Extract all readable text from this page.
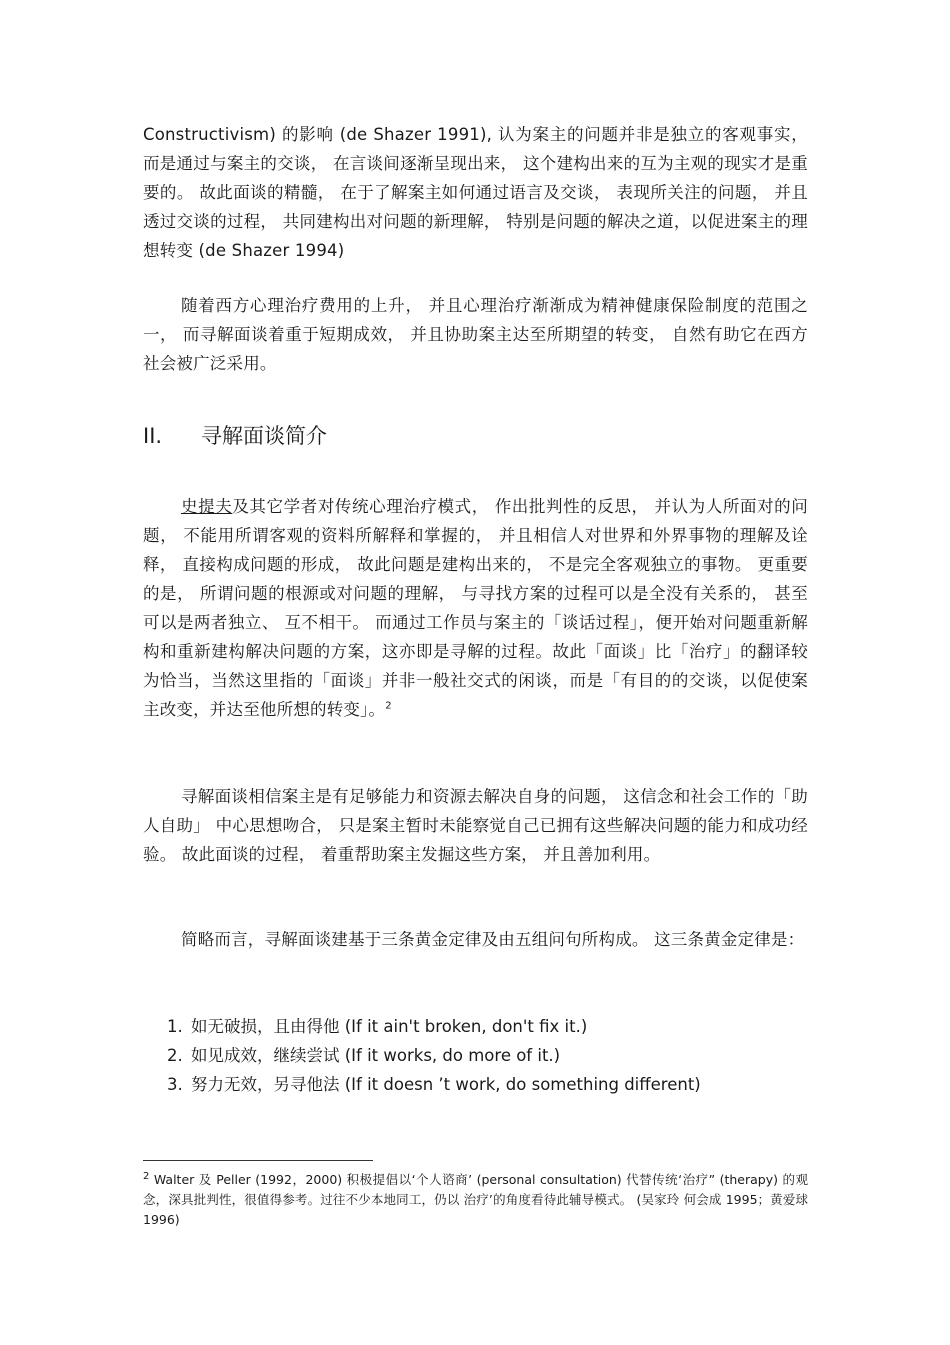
Constructivism) 的影响 (de Shazer 1991), 认为案主的问题并非是独立的客观事实，而是通过与案主的交谈， 在言谈间逐渐呈现出来， 这个建构出来的互为主观的现实才是重要的。 故此面谈的精髓， 在于了解案主如何通过语言及交谈， 表现所关注的问题， 并且透过交谈的过程， 共同建构出对问题的新理解， 特别是问题的解决之道，以促进案主的理想转变 (de Shazer 1994)

随着西方心理治疗费用的上升， 并且心理治疗渐渐成为精神健康保险制度的范围之一， 而寻解面谈着重于短期成效， 并且协助案主达至所期望的转变， 自然有助它在西方社会被广泛采用。

II. 寻解面谈简介

史提夫及其它学者对传统心理治疗模式， 作出批判性的反思， 并认为人所面对的问题， 不能用所谓客观的资料所解释和掌握的， 并且相信人对世界和外界事物的理解及诠释， 直接构成问题的形成， 故此问题是建构出来的， 不是完全客观独立的事物。 更重要的是， 所谓问题的根源或对问题的理解， 与寻找方案的过程可以是全没有关系的， 甚至可以是两者独立、 互不相干。 而通过工作员与案主的「谈话过程」，便开始对问题重新解构和重新建构解决问题的方案，这亦即是寻解的过程。故此「面谈」比「治疗」的翻译较为恰当，当然这里指的「面谈」并非一般社交式的闲谈，而是「有目的的交谈，以促使案主改变，并达至他所想的转变」。$^2$

寻解面谈相信案主是有足够能力和资源去解决自身的问题， 这信念和社会工作的「助人自助」 中心思想吻合， 只是案主暂时未能察觉自己已拥有这些解决问题的能力和成功经验。 故此面谈的过程， 着重帮助案主发掘这些方案， 并且善加利用。

简略而言，寻解面谈建基于三条黄金定律及由五组问句所构成。 这三条黄金定律是：

1. 如无破损，且由得他 (If it ain't broken, don't fix it.)
2. 如见成效，继续尝试 (If it works, do more of it.)
3. 努力无效，另寻他法 (If it doesn ’t work, do something different)

$^2$ Walter 及 Peller (1992，2000) 积极提倡以‘个人谘商’ (personal consultation) 代替传统‘治疗” (therapy) 的观念，深具批判性，很值得参考。过往不少本地同工，仍以 治疗’的角度看待此辅导模式。 (吴家玲 何会成 1995；黄爱球 1996)
